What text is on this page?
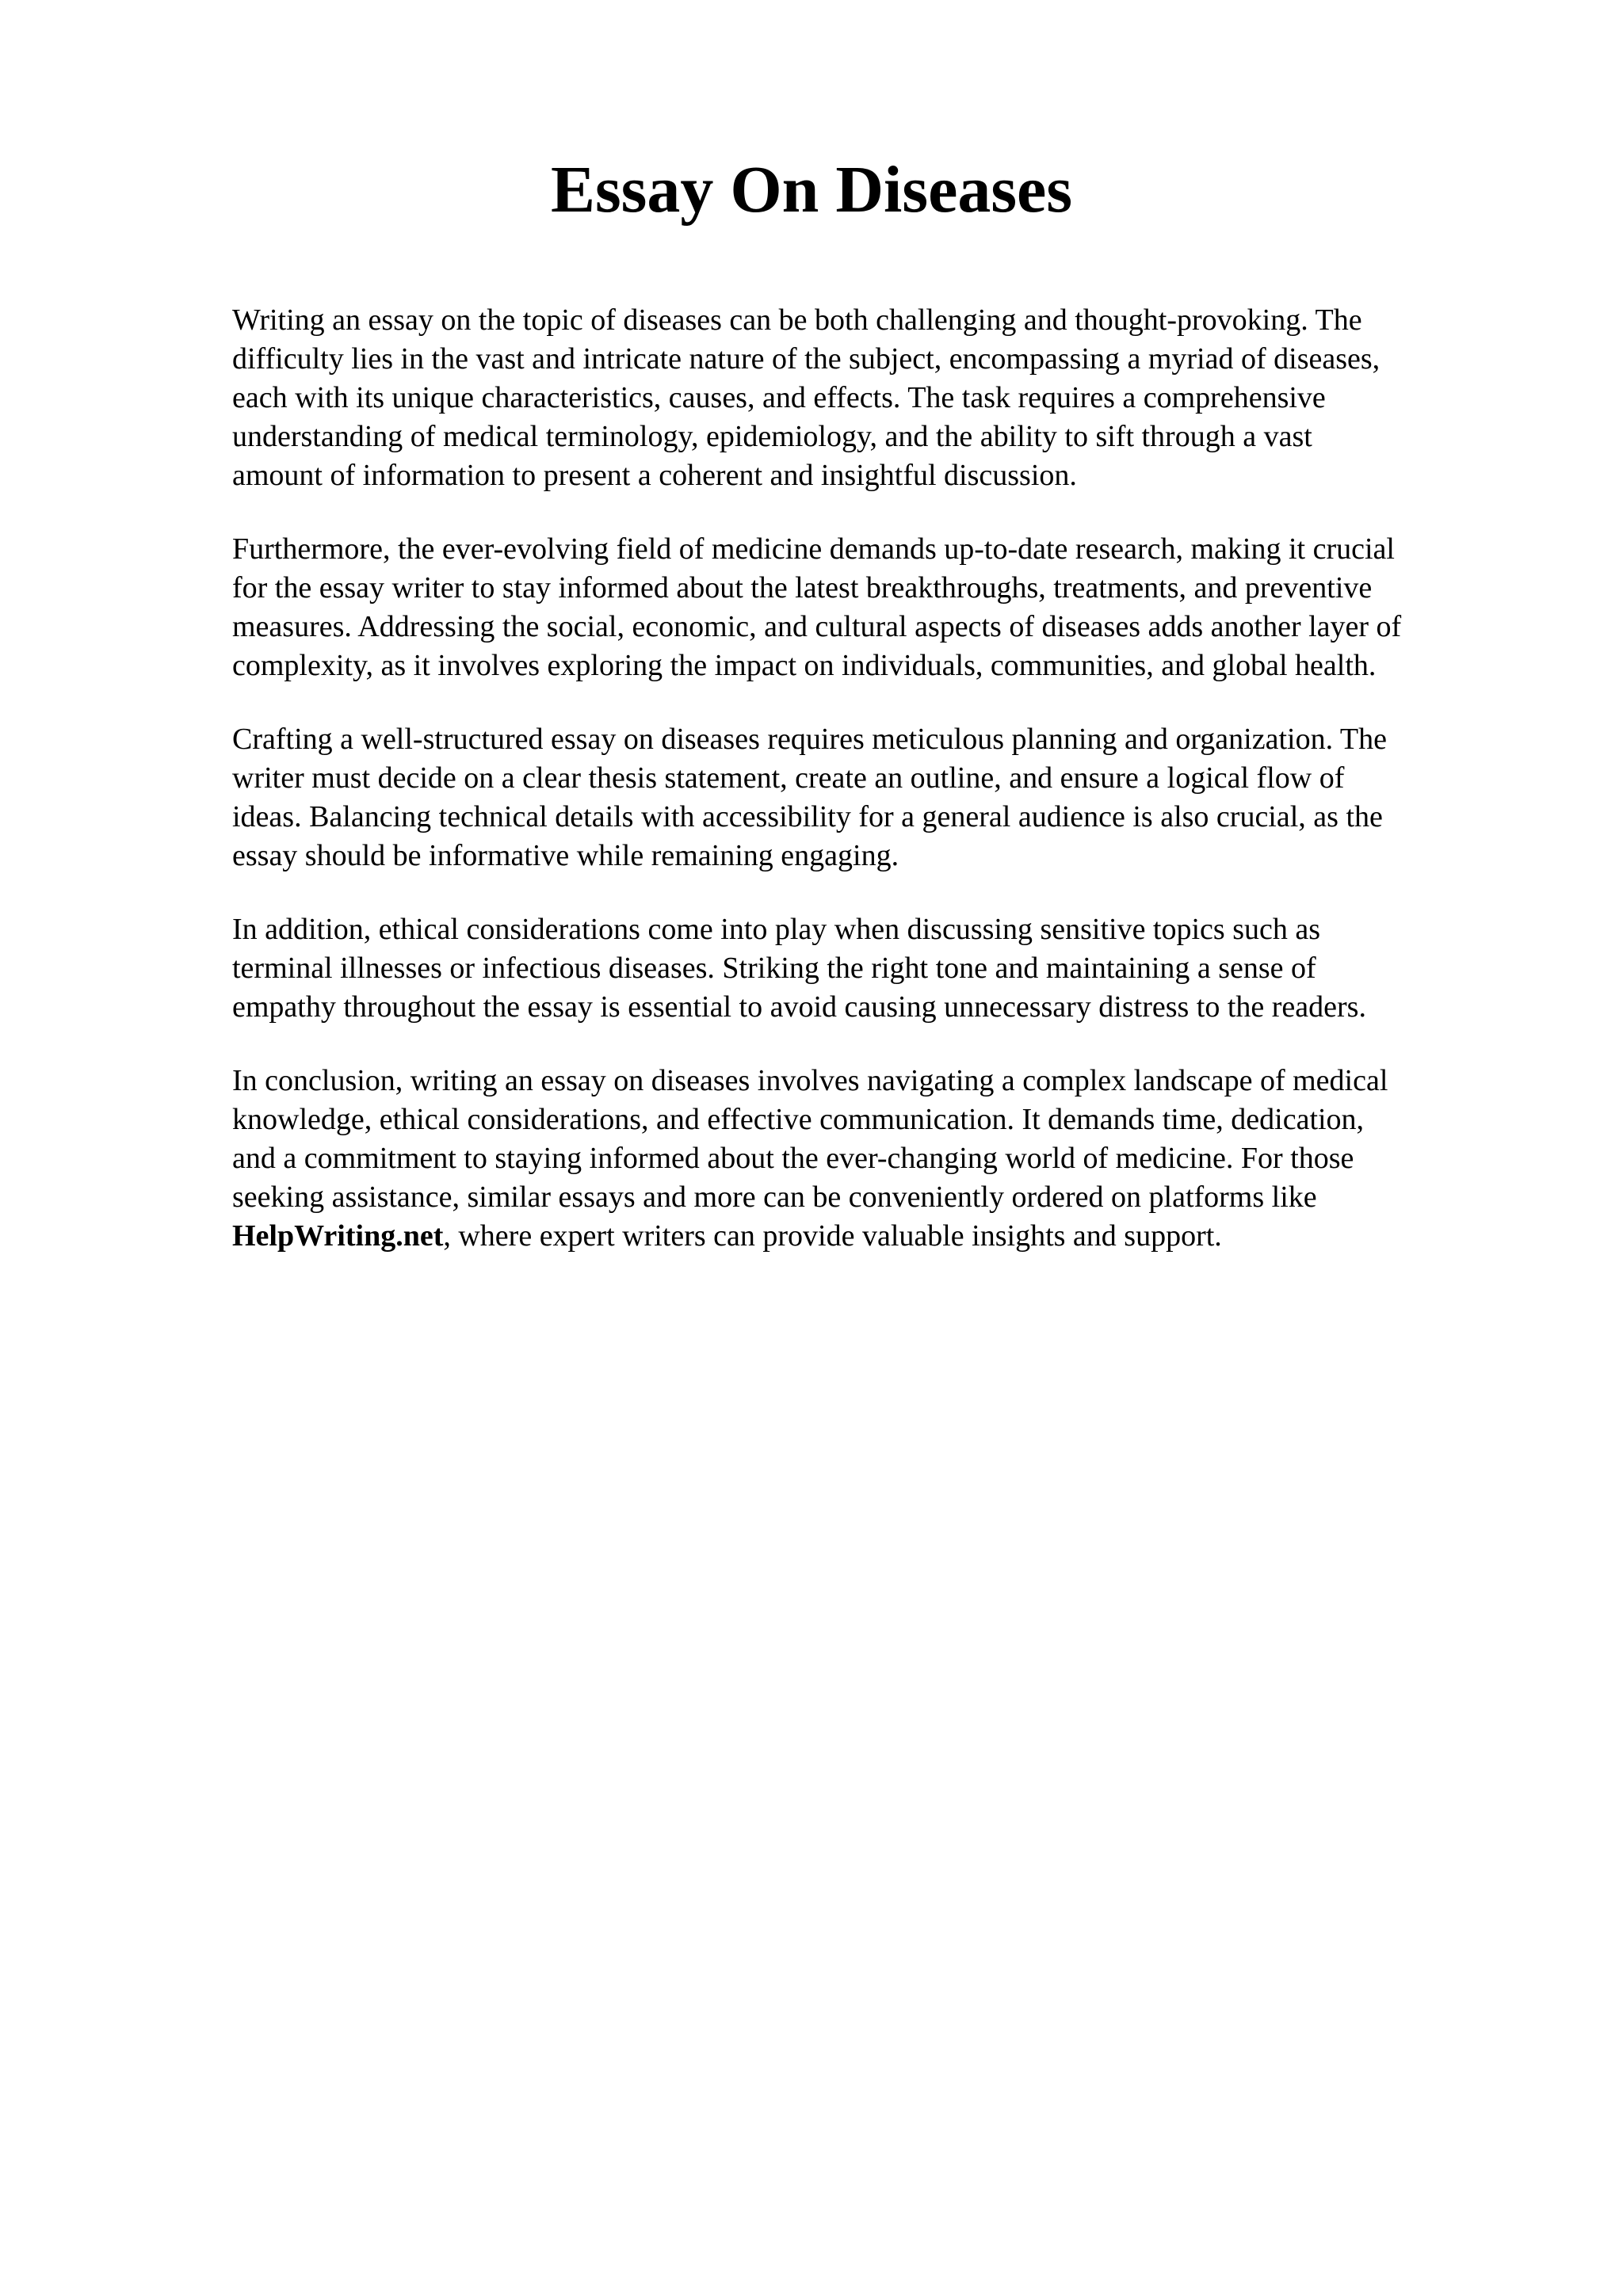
Essay On Diseases

Writing an essay on the topic of diseases can be both challenging and thought-provoking. The
difficulty lies in the vast and intricate nature of the subject, encompassing a myriad of diseases,
each with its unique characteristics, causes, and effects. The task requires a comprehensive
understanding of medical terminology, epidemiology, and the ability to sift through a vast
amount of information to present a coherent and insightful discussion.

Furthermore, the ever-evolving field of medicine demands up-to-date research, making it crucial
for the essay writer to stay informed about the latest breakthroughs, treatments, and preventive
measures. Addressing the social, economic, and cultural aspects of diseases adds another layer of
complexity, as it involves exploring the impact on individuals, communities, and global health.

Crafting a well-structured essay on diseases requires meticulous planning and organization. The
writer must decide on a clear thesis statement, create an outline, and ensure a logical flow of
ideas. Balancing technical details with accessibility for a general audience is also crucial, as the
essay should be informative while remaining engaging.

In addition, ethical considerations come into play when discussing sensitive topics such as
terminal illnesses or infectious diseases. Striking the right tone and maintaining a sense of
empathy throughout the essay is essential to avoid causing unnecessary distress to the readers.

In conclusion, writing an essay on diseases involves navigating a complex landscape of medical
knowledge, ethical considerations, and effective communication. It demands time, dedication,
and a commitment to staying informed about the ever-changing world of medicine. For those
seeking assistance, similar essays and more can be conveniently ordered on platforms like
HelpWriting.net, where expert writers can provide valuable insights and support.
